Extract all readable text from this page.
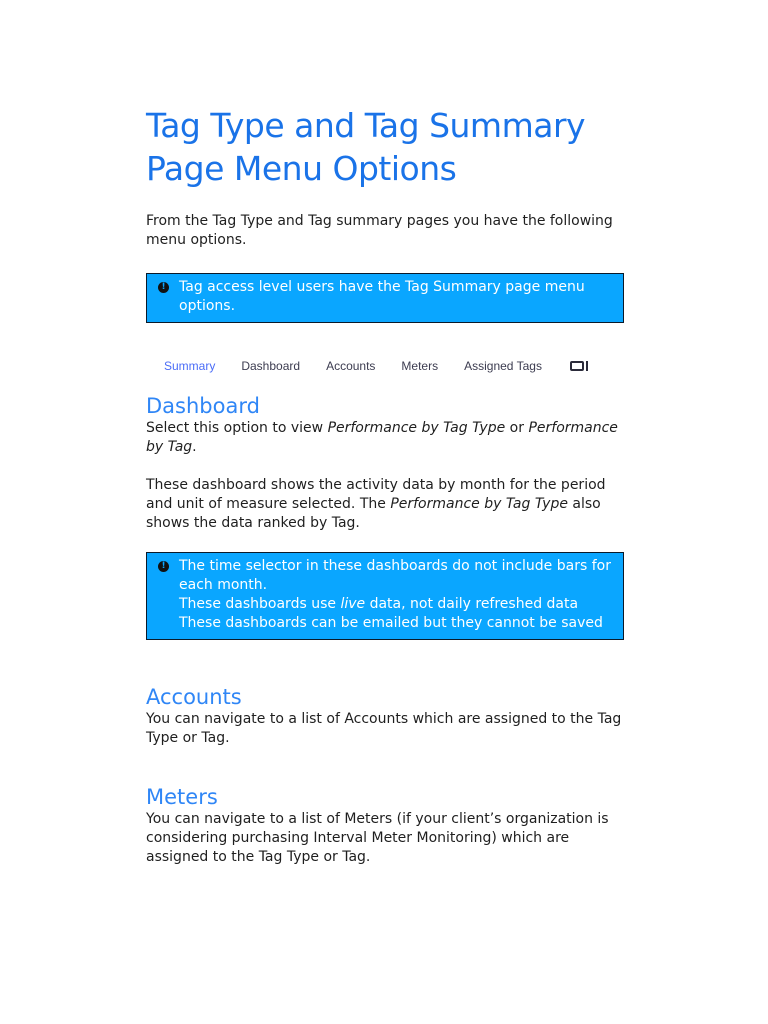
Tag Type and Tag Summary
Page Menu Options

From the Tag Type and Tag summary pages you have the following menu options.

! Tag access level users have the Tag Summary page menu options.
Summary Dashboard Accounts Meters Assigned Tags
Dashboard

Select this option to view Performance by Tag Type or Performance by Tag.

These dashboard shows the activity data by month for the period and unit of measure selected. The Performance by Tag Type also shows the data ranked by Tag.

! The time selector in these dashboards do not include bars for each month.
These dashboards use live data, not daily refreshed data
These dashboards can be emailed but they cannot be saved
Accounts

You can navigate to a list of Accounts which are assigned to the Tag Type or Tag.

Meters

You can navigate to a list of Meters (if your client’s organization is considering purchasing Interval Meter Monitoring) which are assigned to the Tag Type or Tag.
